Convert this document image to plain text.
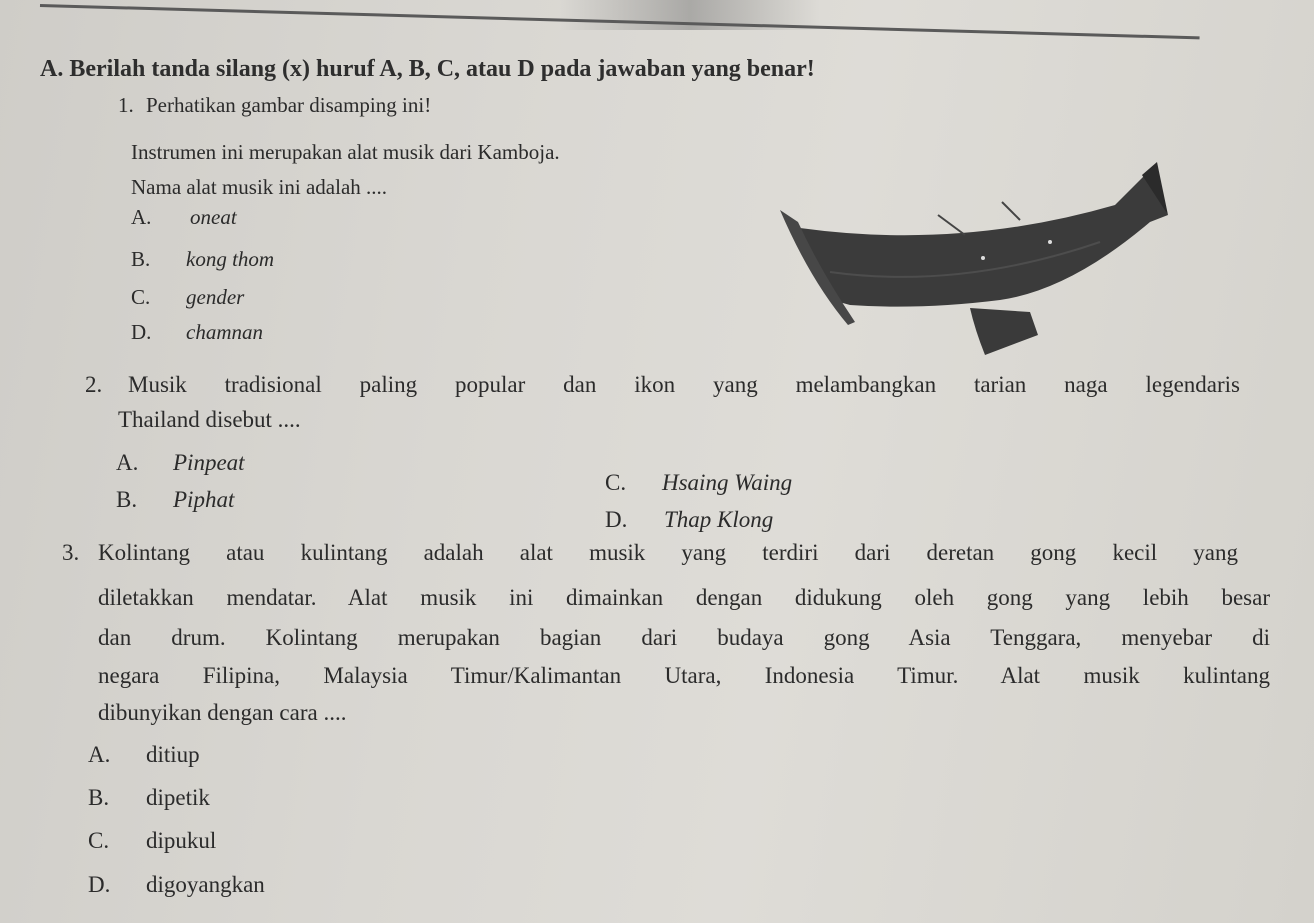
A. Berilah tanda silang (x) huruf A, B, C, atau D pada jawaban yang benar!
1. Perhatikan gambar disamping ini!
Instrumen ini merupakan alat musik dari Kamboja.
Nama alat musik ini adalah ....
A. oneat
B. kong thom
C. gender
D. chamnan
2. Musik tradisional paling popular dan ikon yang melambangkan tarian naga legendaris
Thailand disebut ....
A. Pinpeat
B. Piphat
C. Hsaing Waing
D. Thap Klong
3. Kolintang atau kulintang adalah alat musik yang terdiri dari deretan gong kecil yang
diletakkan mendatar. Alat musik ini dimainkan dengan didukung oleh gong yang lebih besar
dan drum. Kolintang merupakan bagian dari budaya gong Asia Tenggara, menyebar di
negara Filipina, Malaysia Timur/Kalimantan Utara, Indonesia Timur. Alat musik kulintang
dibunyikan dengan cara ....
A. ditiup
B. dipetik
C. dipukul
D. digoyangkan
